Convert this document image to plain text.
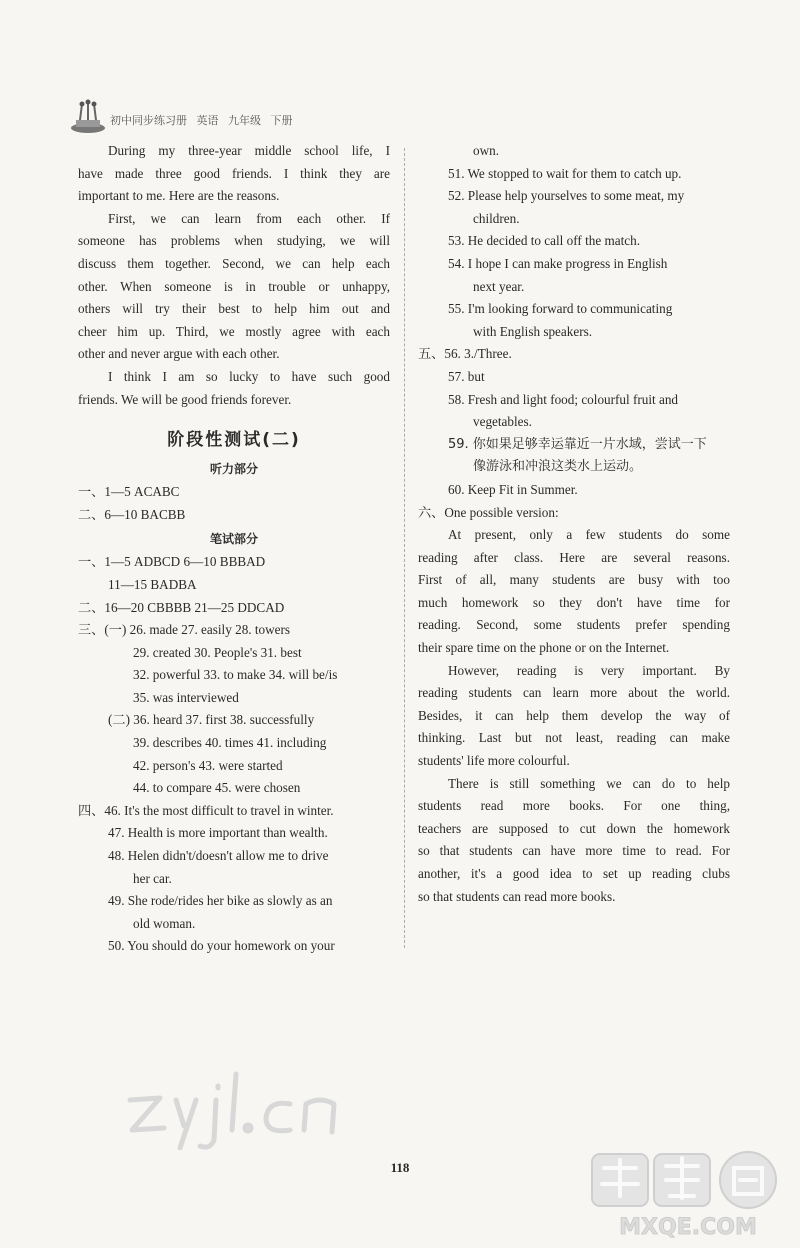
初中同步练习册 英语 九年级 下册
During my three-year middle school life, I
have made three good friends. I think they are
important to me. Here are the reasons.
First, we can learn from each other. If
someone has problems when studying, we will
discuss them together. Second, we can help each
other. When someone is in trouble or unhappy,
others will try their best to help him out and
cheer him up. Third, we mostly agree with each
other and never argue with each other.
I think I am so lucky to have such good
friends. We will be good friends forever.
阶段性测试(二)
听力部分
一、1—5 ACABC
二、6—10 BACBB
笔试部分
一、1—5 ADBCD 6—10 BBBAD
11—15 BADBA
二、16—20 CBBBB 21—25 DDCAD
三、(一) 26. made 27. easily 28. towers
29. created 30. People's 31. best
32. powerful 33. to make 34. will be/is
35. was interviewed
(二) 36. heard 37. first 38. successfully
39. describes 40. times 41. including
42. person's 43. were started
44. to compare 45. were chosen
四、46. It's the most difficult to travel in winter.
47. Health is more important than wealth.
48. Helen didn't/doesn't allow me to drive
her car.
49. She rode/rides her bike as slowly as an
old woman.
50. You should do your homework on your
own.
51. We stopped to wait for them to catch up.
52. Please help yourselves to some meat, my
children.
53. He decided to call off the match.
54. I hope I can make progress in English
next year.
55. I'm looking forward to communicating
with English speakers.
五、56. 3./Three.
57. but
58. Fresh and light food; colourful fruit and
vegetables.
59. 你如果足够幸运靠近一片水域，尝试一下
像游泳和冲浪这类水上运动。
60. Keep Fit in Summer.
六、One possible version:
At present, only a few students do some
reading after class. Here are several reasons.
First of all, many students are busy with too
much homework so they don't have time for
reading. Second, some students prefer spending
their spare time on the phone or on the Internet.
However, reading is very important. By
reading students can learn more about the world.
Besides, it can help them develop the way of
thinking. Last but not least, reading can make
students' life more colourful.
There is still something we can do to help
students read more books. For one thing,
teachers are supposed to cut down the homework
so that students can have more time to read. For
another, it's a good idea to set up reading clubs
so that students can read more books.
118
MXQE.COM
